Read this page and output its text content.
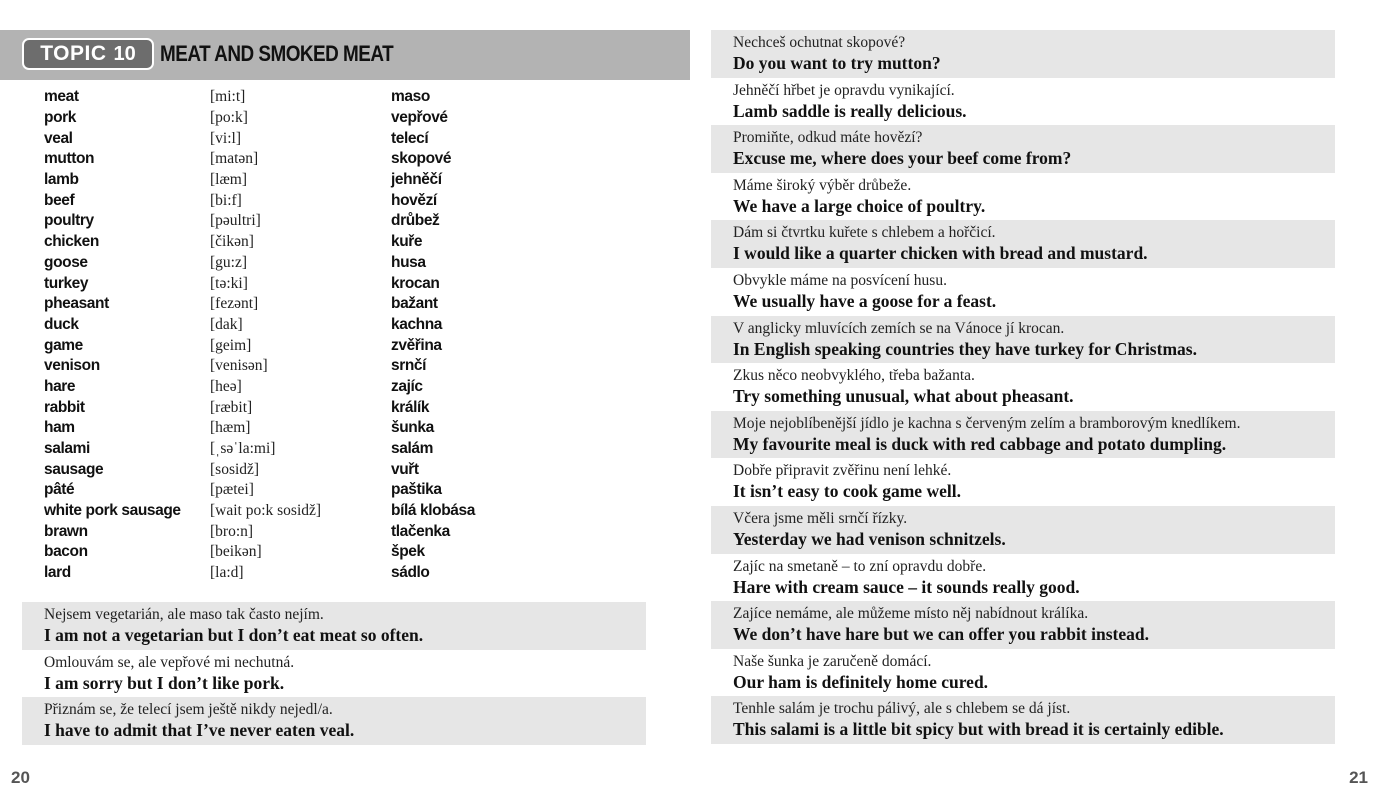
TOPIC 10 MEAT AND SMOKED MEAT
meat	[mi:t]	maso
pork	[po:k]	vepřové
veal	[vi:l]	telecí
mutton	[matən]	skopové
lamb	[læm]	jehněčí
beef	[bi:f]	hovězí
poultry	[pəultri]	drůbež
chicken	[čikən]	kuře
goose	[gu:z]	husa
turkey	[tə:ki]	krocan
pheasant	[fezənt]	bažant
duck	[dak]	kachna
game	[geim]	zvěřina
venison	[venisən]	srnčí
hare	[heə]	zajíc
rabbit	[ræbit]	králík
ham	[hæm]	šunka
salami	[ˌsəˈla:mi]	salám
sausage	[sosidž]	vuřt
pâté	[pætei]	paštika
white pork sausage	[wait po:k sosidž]	bílá klobása
brawn	[bro:n]	tlačenka
bacon	[beikən]	špek
lard	[la:d]	sádlo
Nejsem vegetarián, ale maso tak často nejím.
I am not a vegetarian but I don’t eat meat so often.
Omlouvám se, ale vepřové mi nechutná.
I am sorry but I don’t like pork.
Přiznám se, že telecí jsem ještě nikdy nejedl/a.
I have to admit that I’ve never eaten veal.
20
Nechceš ochutnat skopové?
Do you want to try mutton?
Jehněčí hřbet je opravdu vynikající.
Lamb saddle is really delicious.
Promiňte, odkud máte hovězí?
Excuse me, where does your beef come from?
Máme široký výběr drůbeže.
We have a large choice of poultry.
Dám si čtvrtku kuřete s chlebem a hořčicí.
I would like a quarter chicken with bread and mustard.
Obvykle máme na posvícení husu.
We usually have a goose for a feast.
V anglicky mluvících zemích se na Vánoce jí krocan.
In English speaking countries they have turkey for Christmas.
Zkus něco neobvyklého, třeba bažanta.
Try something unusual, what about pheasant.
Moje nejoblíbenější jídlo je kachna s červeným zelím a bramborovým knedlíkem.
My favourite meal is duck with red cabbage and potato dumpling.
Dobře připravit zvěřinu není lehké.
It isn’t easy to cook game well.
Včera jsme měli srnčí řízky.
Yesterday we had venison schnitzels.
Zajíc na smetaně – to zní opravdu dobře.
Hare with cream sauce – it sounds really good.
Zajíce nemáme, ale můžeme místo něj nabídnout králíka.
We don’t have hare but we can offer you rabbit instead.
Naše šunka je zaručeně domácí.
Our ham is definitely home cured.
Tenhle salám je trochu pálivý, ale s chlebem se dá jíst.
This salami is a little bit spicy but with bread it is certainly edible.
21
